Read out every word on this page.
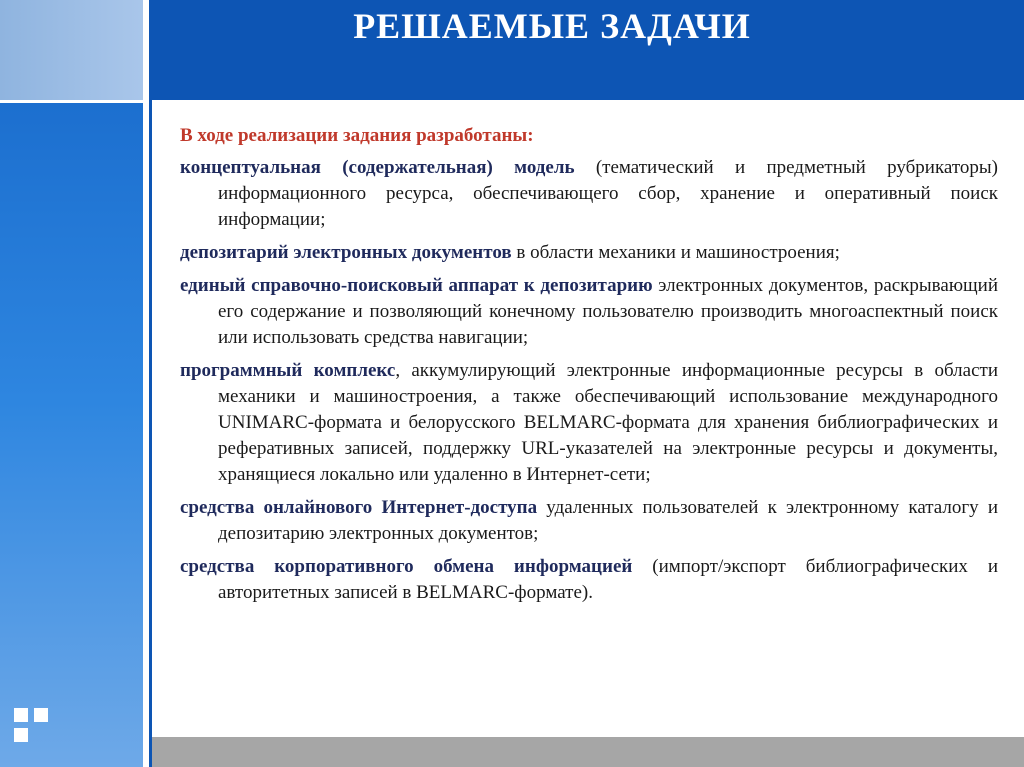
РЕШАЕМЫЕ ЗАДАЧИ

В ходе реализации задания разработаны:

концептуальная (содержательная) модель (тематический и предметный рубрикаторы) информационного ресурса, обеспечивающего сбор, хранение и оперативный поиск информации;

депозитарий электронных документов в области механики и машиностроения;

единый справочно-поисковый аппарат к депозитарию электронных документов, раскрывающий его содержание и позволяющий конечному пользователю производить многоаспектный поиск или использовать средства навигации;

программный комплекс, аккумулирующий электронные информационные ресурсы в области механики и машиностроения, а также обеспечивающий использование международного UNIMARC-формата и белорусского BELMARC-формата для хранения библиографических и реферативных записей, поддержку URL-указателей на электронные ресурсы и документы, хранящиеся локально или удаленно в Интернет-сети;

средства онлайнового Интернет-доступа удаленных пользователей к электронному каталогу и депозитарию электронных документов;

средства корпоративного обмена информацией (импорт/экспорт библиографических и авторитетных записей в BELMARC-формате).
